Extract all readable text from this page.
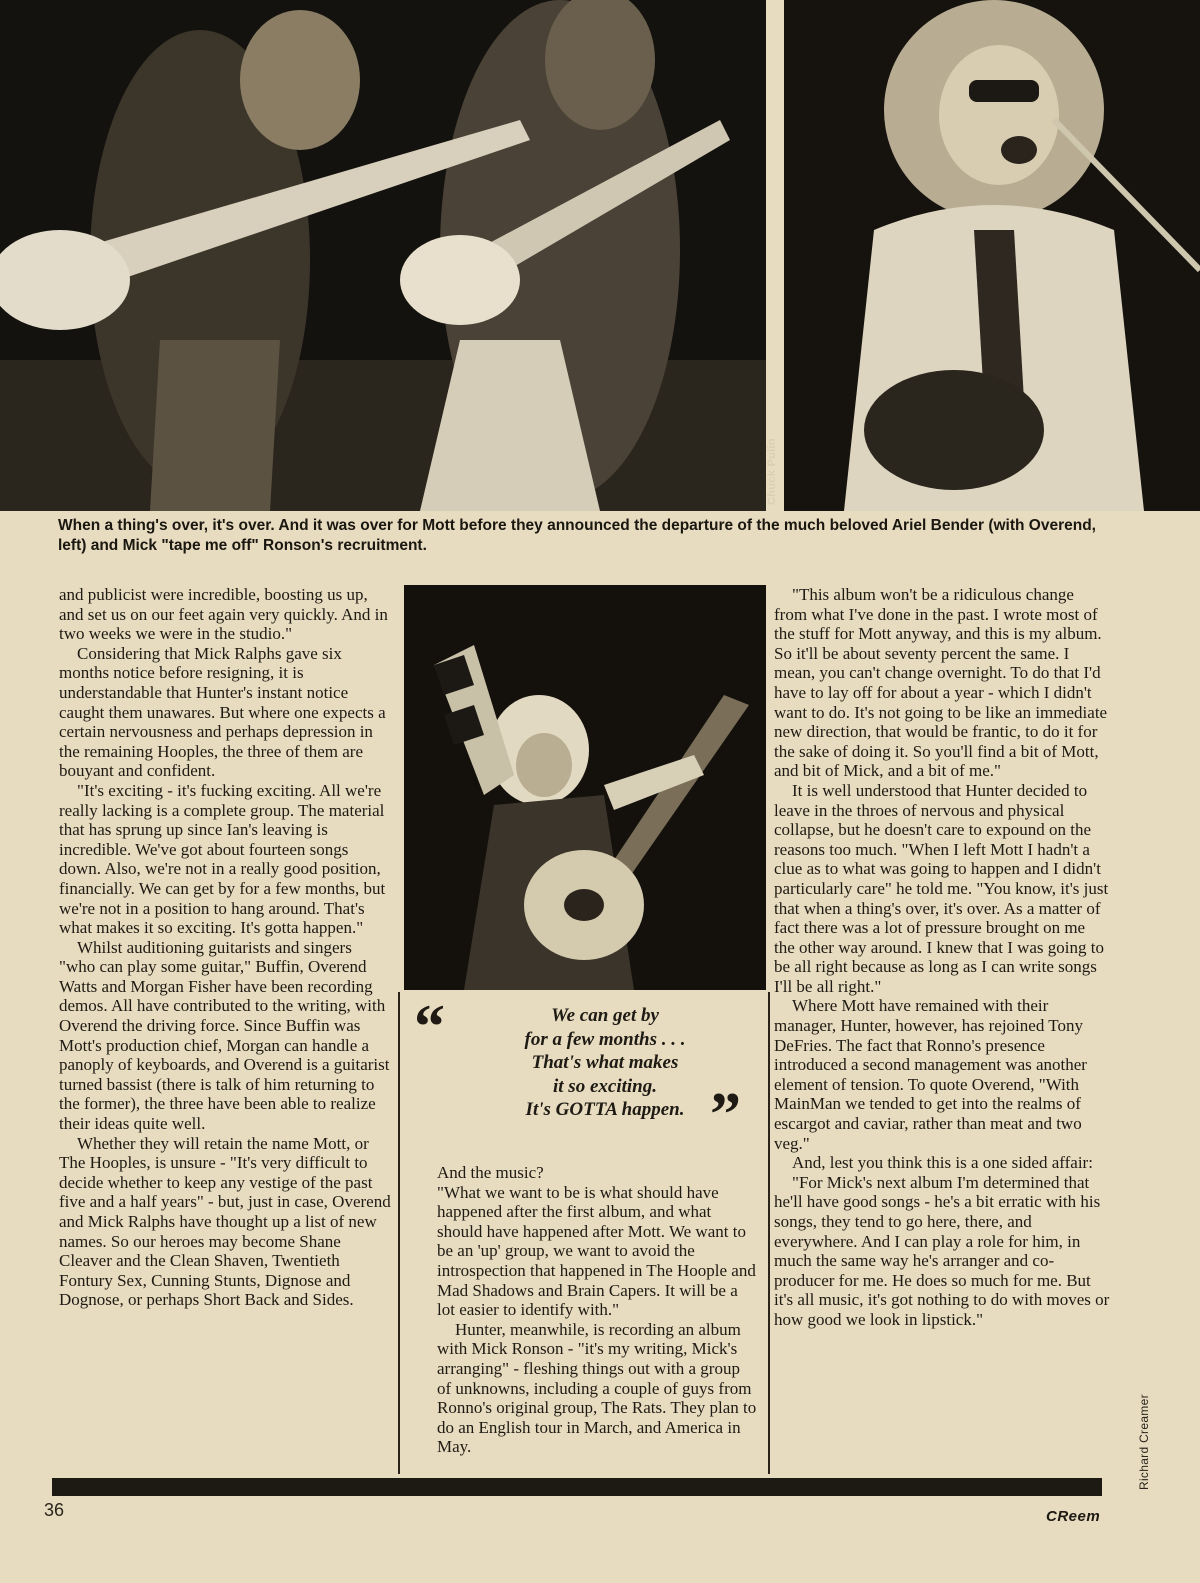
Chuck Pulin
When a thing's over, it's over. And it was over for Mott before they announced the departure of the much beloved Ariel Bender (with Overend, left) and Mick "tape me off" Ronson's recruitment.

and publicist were incredible, boosting us up, and set us on our feet again very quickly. And in two weeks we were in the studio."

Considering that Mick Ralphs gave six months notice before resigning, it is understandable that Hunter's instant notice caught them unawares. But where one expects a certain nervousness and perhaps depression in the remaining Hooples, the three of them are bouyant and confident.

"It's exciting - it's fucking exciting. All we're really lacking is a complete group. The material that has sprung up since Ian's leaving is incredible. We've got about fourteen songs down. Also, we're not in a really good position, financially. We can get by for a few months, but we're not in a position to hang around. That's what makes it so exciting. It's gotta happen."

Whilst auditioning guitarists and singers "who can play some guitar," Buffin, Overend Watts and Morgan Fisher have been recording demos. All have contributed to the writing, with Overend the driving force. Since Buffin was Mott's production chief, Morgan can handle a panoply of keyboards, and Overend is a guitarist turned bassist (there is talk of him returning to the former), the three have been able to realize their ideas quite well.

Whether they will retain the name Mott, or The Hooples, is unsure - "It's very difficult to decide whether to keep any vestige of the past five and a half years" - but, just in case, Overend and Mick Ralphs have thought up a list of new names. So our heroes may become Shane Cleaver and the Clean Shaven, Twentieth Fontury Sex, Cunning Stunts, Dignose and Dognose, or perhaps Short Back and Sides.

“	We can get by
for a few months . . .
That's what makes
it so exciting.
It's GOTTA happen. ”

And the music?

"What we want to be is what should have happened after the first album, and what should have happened after Mott. We want to be an 'up' group, we want to avoid the introspection that happened in The Hoople and Mad Shadows and Brain Capers. It will be a lot easier to identify with."

Hunter, meanwhile, is recording an album with Mick Ronson - "it's my writing, Mick's arranging" - fleshing things out with a group of unknowns, including a couple of guys from Ronno's original group, The Rats. They plan to do an English tour in March, and America in May.

"This album won't be a ridiculous change from what I've done in the past. I wrote most of the stuff for Mott anyway, and this is my album. So it'll be about seventy percent the same. I mean, you can't change overnight. To do that I'd have to lay off for about a year - which I didn't want to do. It's not going to be like an immediate new direction, that would be frantic, to do it for the sake of doing it. So you'll find a bit of Mott, and bit of Mick, and a bit of me."

It is well understood that Hunter decided to leave in the throes of nervous and physical collapse, but he doesn't care to expound on the reasons too much. "When I left Mott I hadn't a clue as to what was going to happen and I didn't particularly care" he told me. "You know, it's just that when a thing's over, it's over. As a matter of fact there was a lot of pressure brought on me the other way around. I knew that I was going to be all right because as long as I can write songs I'll be all right."

Where Mott have remained with their manager, Hunter, however, has rejoined Tony DeFries. The fact that Ronno's presence introduced a second management was another element of tension. To quote Overend, "With MainMan we tended to get into the realms of escargot and caviar, rather than meat and two veg."

And, lest you think this is a one sided affair:

"For Mick's next album I'm determined that he'll have good songs - he's a bit erratic with his songs, they tend to go here, there, and everywhere. And I can play a role for him, in much the same way he's arranger and co-producer for me. He does so much for me. But it's all music, it's got nothing to do with moves or how good we look in lipstick."

Richard Creamer
36	CReem
